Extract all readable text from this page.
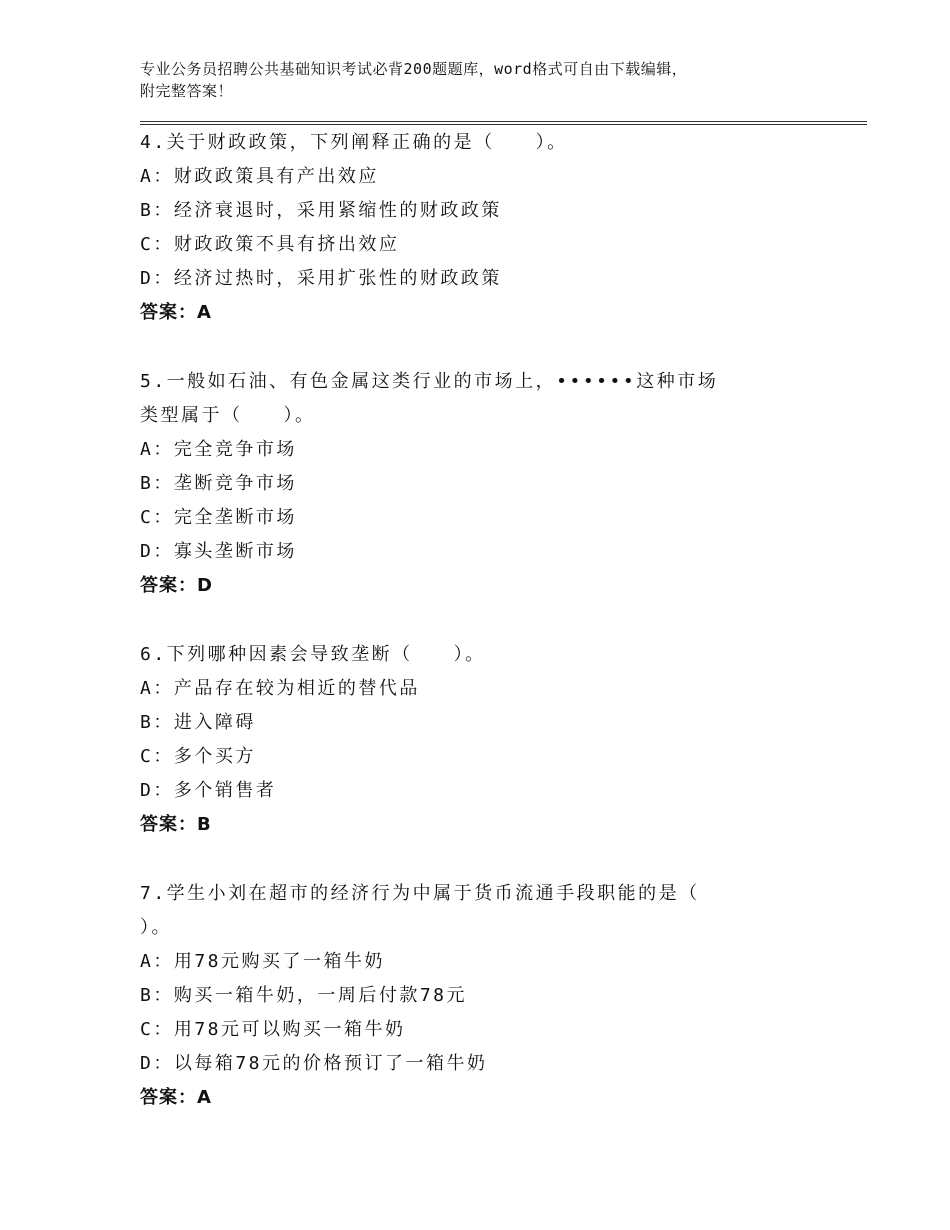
专业公务员招聘公共基础知识考试必背200题题库，word格式可自由下载编辑，
附完整答案！
4.关于财政政策，下列阐释正确的是（　　）。
A：财政政策具有产出效应
B：经济衰退时，采用紧缩性的财政政策
C：财政政策不具有挤出效应
D：经济过热时，采用扩张性的财政政策
答案：A
5.一般如石油、有色金属这类行业的市场上，••••••这种市场
类型属于（　　）。
A：完全竞争市场
B：垄断竞争市场
C：完全垄断市场
D：寡头垄断市场
答案：D
6.下列哪种因素会导致垄断（　　）。
A：产品存在较为相近的替代品
B：进入障碍
C：多个买方
D：多个销售者
答案：B
7.学生小刘在超市的经济行为中属于货币流通手段职能的是（
）。
A：用78元购买了一箱牛奶
B：购买一箱牛奶，一周后付款78元
C：用78元可以购买一箱牛奶
D：以每箱78元的价格预订了一箱牛奶
答案：A
